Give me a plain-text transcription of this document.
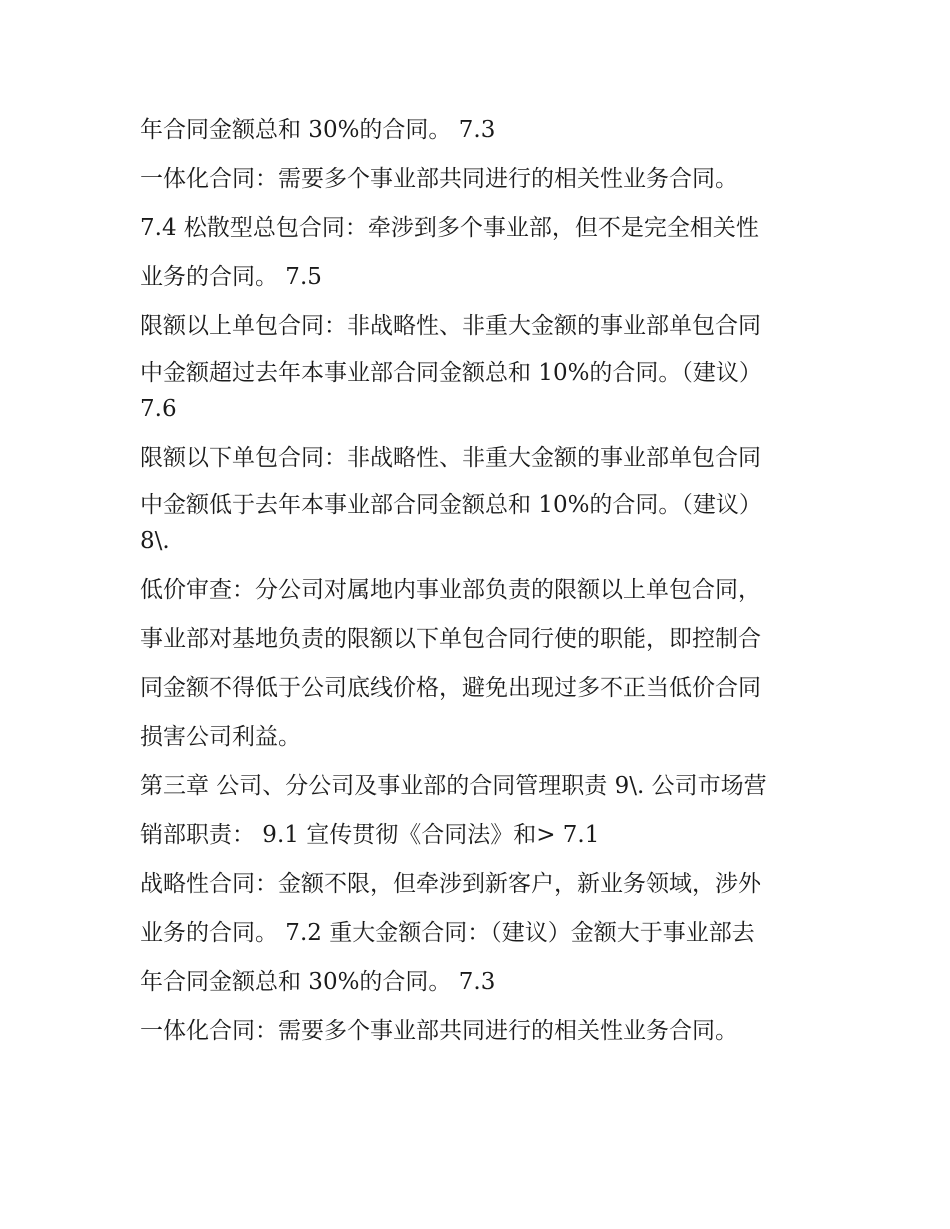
年合同金额总和 30%的合同。 7.3

一体化合同：需要多个事业部共同进行的相关性业务合同。

7.4 松散型总包合同：牵涉到多个事业部，但不是完全相关性

业务的合同。 7.5

限额以上单包合同：非战略性、非重大金额的事业部单包合同

中金额超过去年本事业部合同金额总和 10%的合同。（建议）

7.6

限额以下单包合同：非战略性、非重大金额的事业部单包合同

中金额低于去年本事业部合同金额总和 10%的合同。（建议）

8\.

低价审查：分公司对属地内事业部负责的限额以上单包合同，

事业部对基地负责的限额以下单包合同行使的职能，即控制合

同金额不得低于公司底线价格，避免出现过多不正当低价合同

损害公司利益。

第三章 公司、分公司及事业部的合同管理职责 9\. 公司市场营

销部职责： 9.1 宣传贯彻《合同法》和> 7.1

战略性合同：金额不限，但牵涉到新客户，新业务领域，涉外

业务的合同。 7.2 重大金额合同：（建议）金额大于事业部去

年合同金额总和 30%的合同。 7.3

一体化合同：需要多个事业部共同进行的相关性业务合同。
